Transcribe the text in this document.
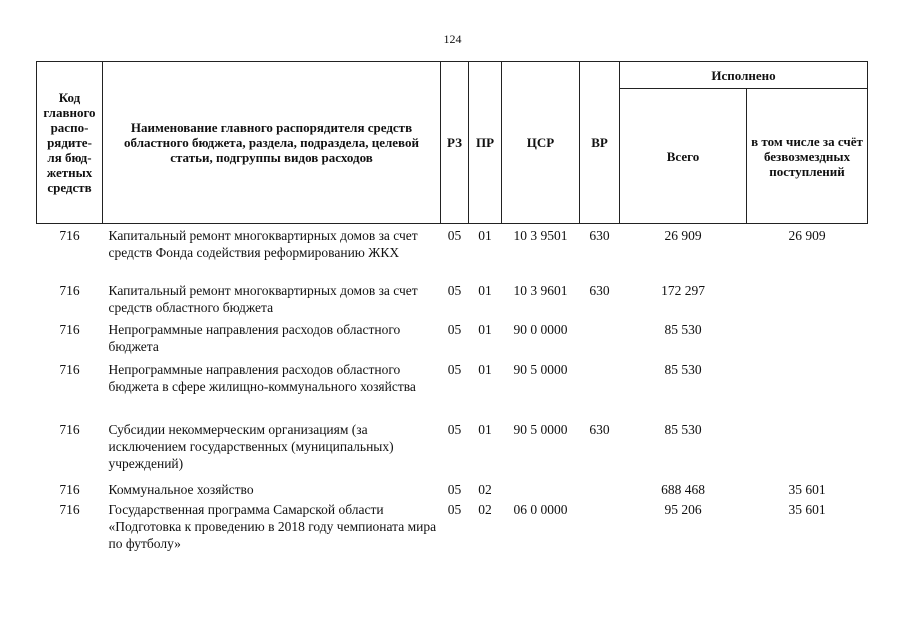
124
Код главного распо-рядите-ля бюд-жетных средств	Наименование главного распорядителя средств областного бюджета, раздела, подраздела, целевой статьи, подгруппы видов расходов	РЗ	ПР	ЦСР	ВР	Исполнено	
						Всего	в том числе за счёт безвозмездных поступлений
716	Капитальный ремонт многоквартирных домов за счет средств Фонда содействия реформированию ЖКХ	05	01	10 3 9501	630	26 909	26 909
716	Капитальный ремонт многоквартирных домов за счет средств областного бюджета	05	01	10 3 9601	630	172 297	
716	Непрограммные направления расходов областного бюджета	05	01	90 0 0000		85 530	
716	Непрограммные направления расходов областного бюджета в сфере жилищно-коммунального хозяйства	05	01	90 5 0000		85 530	
716	Субсидии некоммерческим организациям (за исключением государственных (муниципальных) учреждений)	05	01	90 5 0000	630	85 530	
716	Коммунальное хозяйство	05	02			688 468	35 601
716	Государственная программа Самарской области «Подготовка к проведению в 2018 году чемпионата мира по футболу»	05	02	06 0 0000		95 206	35 601
